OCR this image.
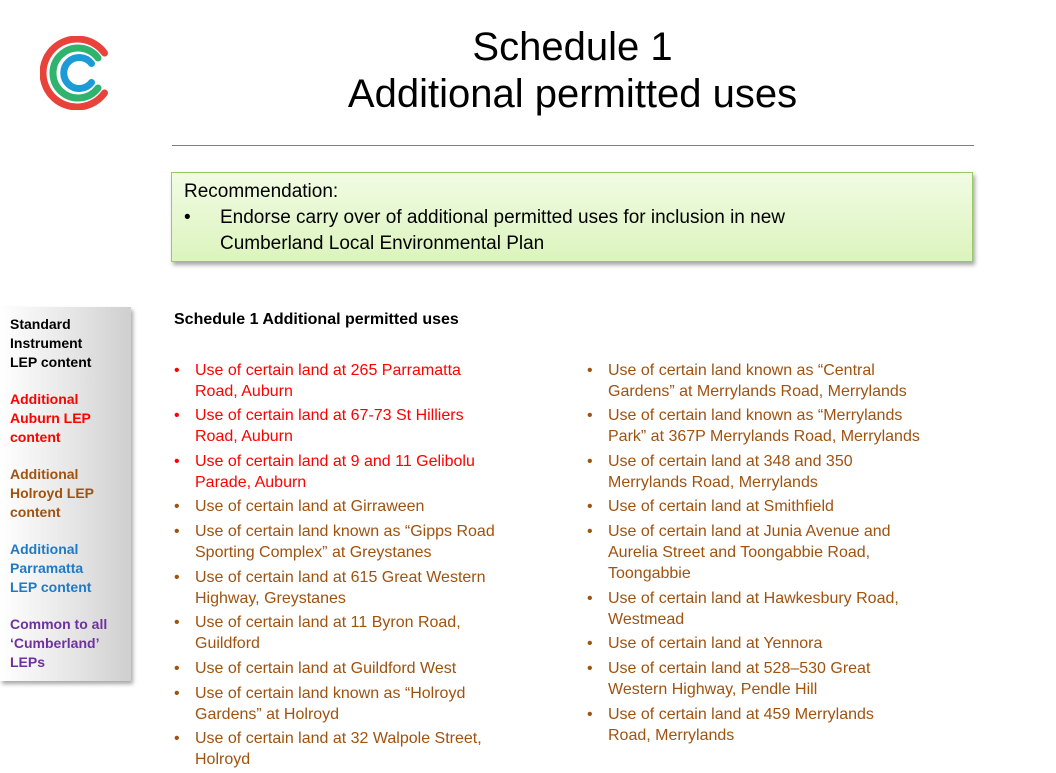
Schedule 1
Additional permitted uses
Recommendation:
•	Endorse carry over of additional permitted uses for inclusion in new
Cumberland Local Environmental Plan
Standard
Instrument
LEP content
Additional
Auburn LEP
content
Additional
Holroyd LEP
content
Additional
Parramatta
LEP content
Common to all
‘Cumberland’
LEPs
Schedule 1 Additional permitted uses
• Use of certain land at 265 Parramatta
Road, Auburn
• Use of certain land at 67-73 St Hilliers
Road, Auburn
• Use of certain land at 9 and 11 Gelibolu
Parade, Auburn
• Use of certain land at Girraween
• Use of certain land known as “Gipps Road
Sporting Complex” at Greystanes
• Use of certain land at 615 Great Western
Highway, Greystanes
• Use of certain land at 11 Byron Road,
Guildford
• Use of certain land at Guildford West
• Use of certain land known as “Holroyd
Gardens” at Holroyd
• Use of certain land at 32 Walpole Street,
Holroyd
• Use of certain land known as “Central
Gardens” at Merrylands Road, Merrylands
• Use of certain land known as “Merrylands
Park” at 367P Merrylands Road, Merrylands
• Use of certain land at 348 and 350
Merrylands Road, Merrylands
• Use of certain land at Smithfield
• Use of certain land at Junia Avenue and
Aurelia Street and Toongabbie Road,
Toongabbie
• Use of certain land at Hawkesbury Road,
Westmead
• Use of certain land at Yennora
• Use of certain land at 528–530 Great
Western Highway, Pendle Hill
• Use of certain land at 459 Merrylands
Road, Merrylands
